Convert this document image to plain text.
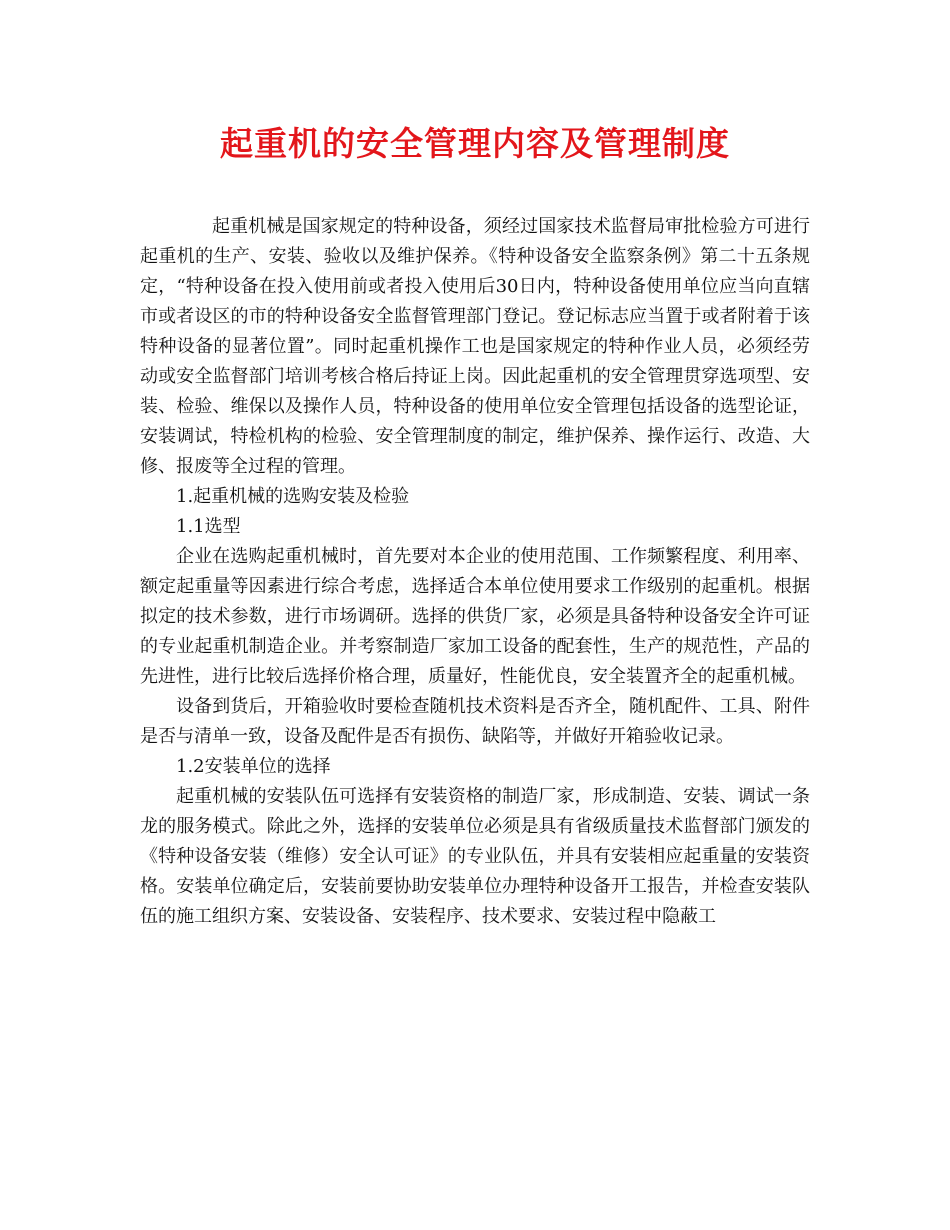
起重机的安全管理内容及管理制度

起重机械是国家规定的特种设备，须经过国家技术监督局审批检验方可进行起重机的生产、安装、验收以及维护保养。《特种设备安全监察条例》第二十五条规定，“特种设备在投入使用前或者投入使用后30日内，特种设备使用单位应当向直辖市或者设区的市的特种设备安全监督管理部门登记。登记标志应当置于或者附着于该特种设备的显著位置”。同时起重机操作工也是国家规定的特种作业人员，必须经劳动或安全监督部门培训考核合格后持证上岗。因此起重机的安全管理贯穿选项型、安装、检验、维保以及操作人员，特种设备的使用单位安全管理包括设备的选型论证，安装调试，特检机构的检验、安全管理制度的制定，维护保养、操作运行、改造、大修、报废等全过程的管理。

1.起重机械的选购安装及检验

1.1选型

企业在选购起重机械时，首先要对本企业的使用范围、工作频繁程度、利用率、额定起重量等因素进行综合考虑，选择适合本单位使用要求工作级别的起重机。根据拟定的技术参数，进行市场调研。选择的供货厂家，必须是具备特种设备安全许可证的专业起重机制造企业。并考察制造厂家加工设备的配套性，生产的规范性，产品的先进性，进行比较后选择价格合理，质量好，性能优良，安全装置齐全的起重机械。

设备到货后，开箱验收时要检查随机技术资料是否齐全，随机配件、工具、附件是否与清单一致，设备及配件是否有损伤、缺陷等，并做好开箱验收记录。

1.2安装单位的选择

起重机械的安装队伍可选择有安装资格的制造厂家，形成制造、安装、调试一条龙的服务模式。除此之外，选择的安装单位必须是具有省级质量技术监督部门颁发的《特种设备安装（维修）安全认可证》的专业队伍，并具有安装相应起重量的安装资格。安装单位确定后，安装前要协助安装单位办理特种设备开工报告，并检查安装队伍的施工组织方案、安装设备、安装程序、技术要求、安装过程中隐蔽工
